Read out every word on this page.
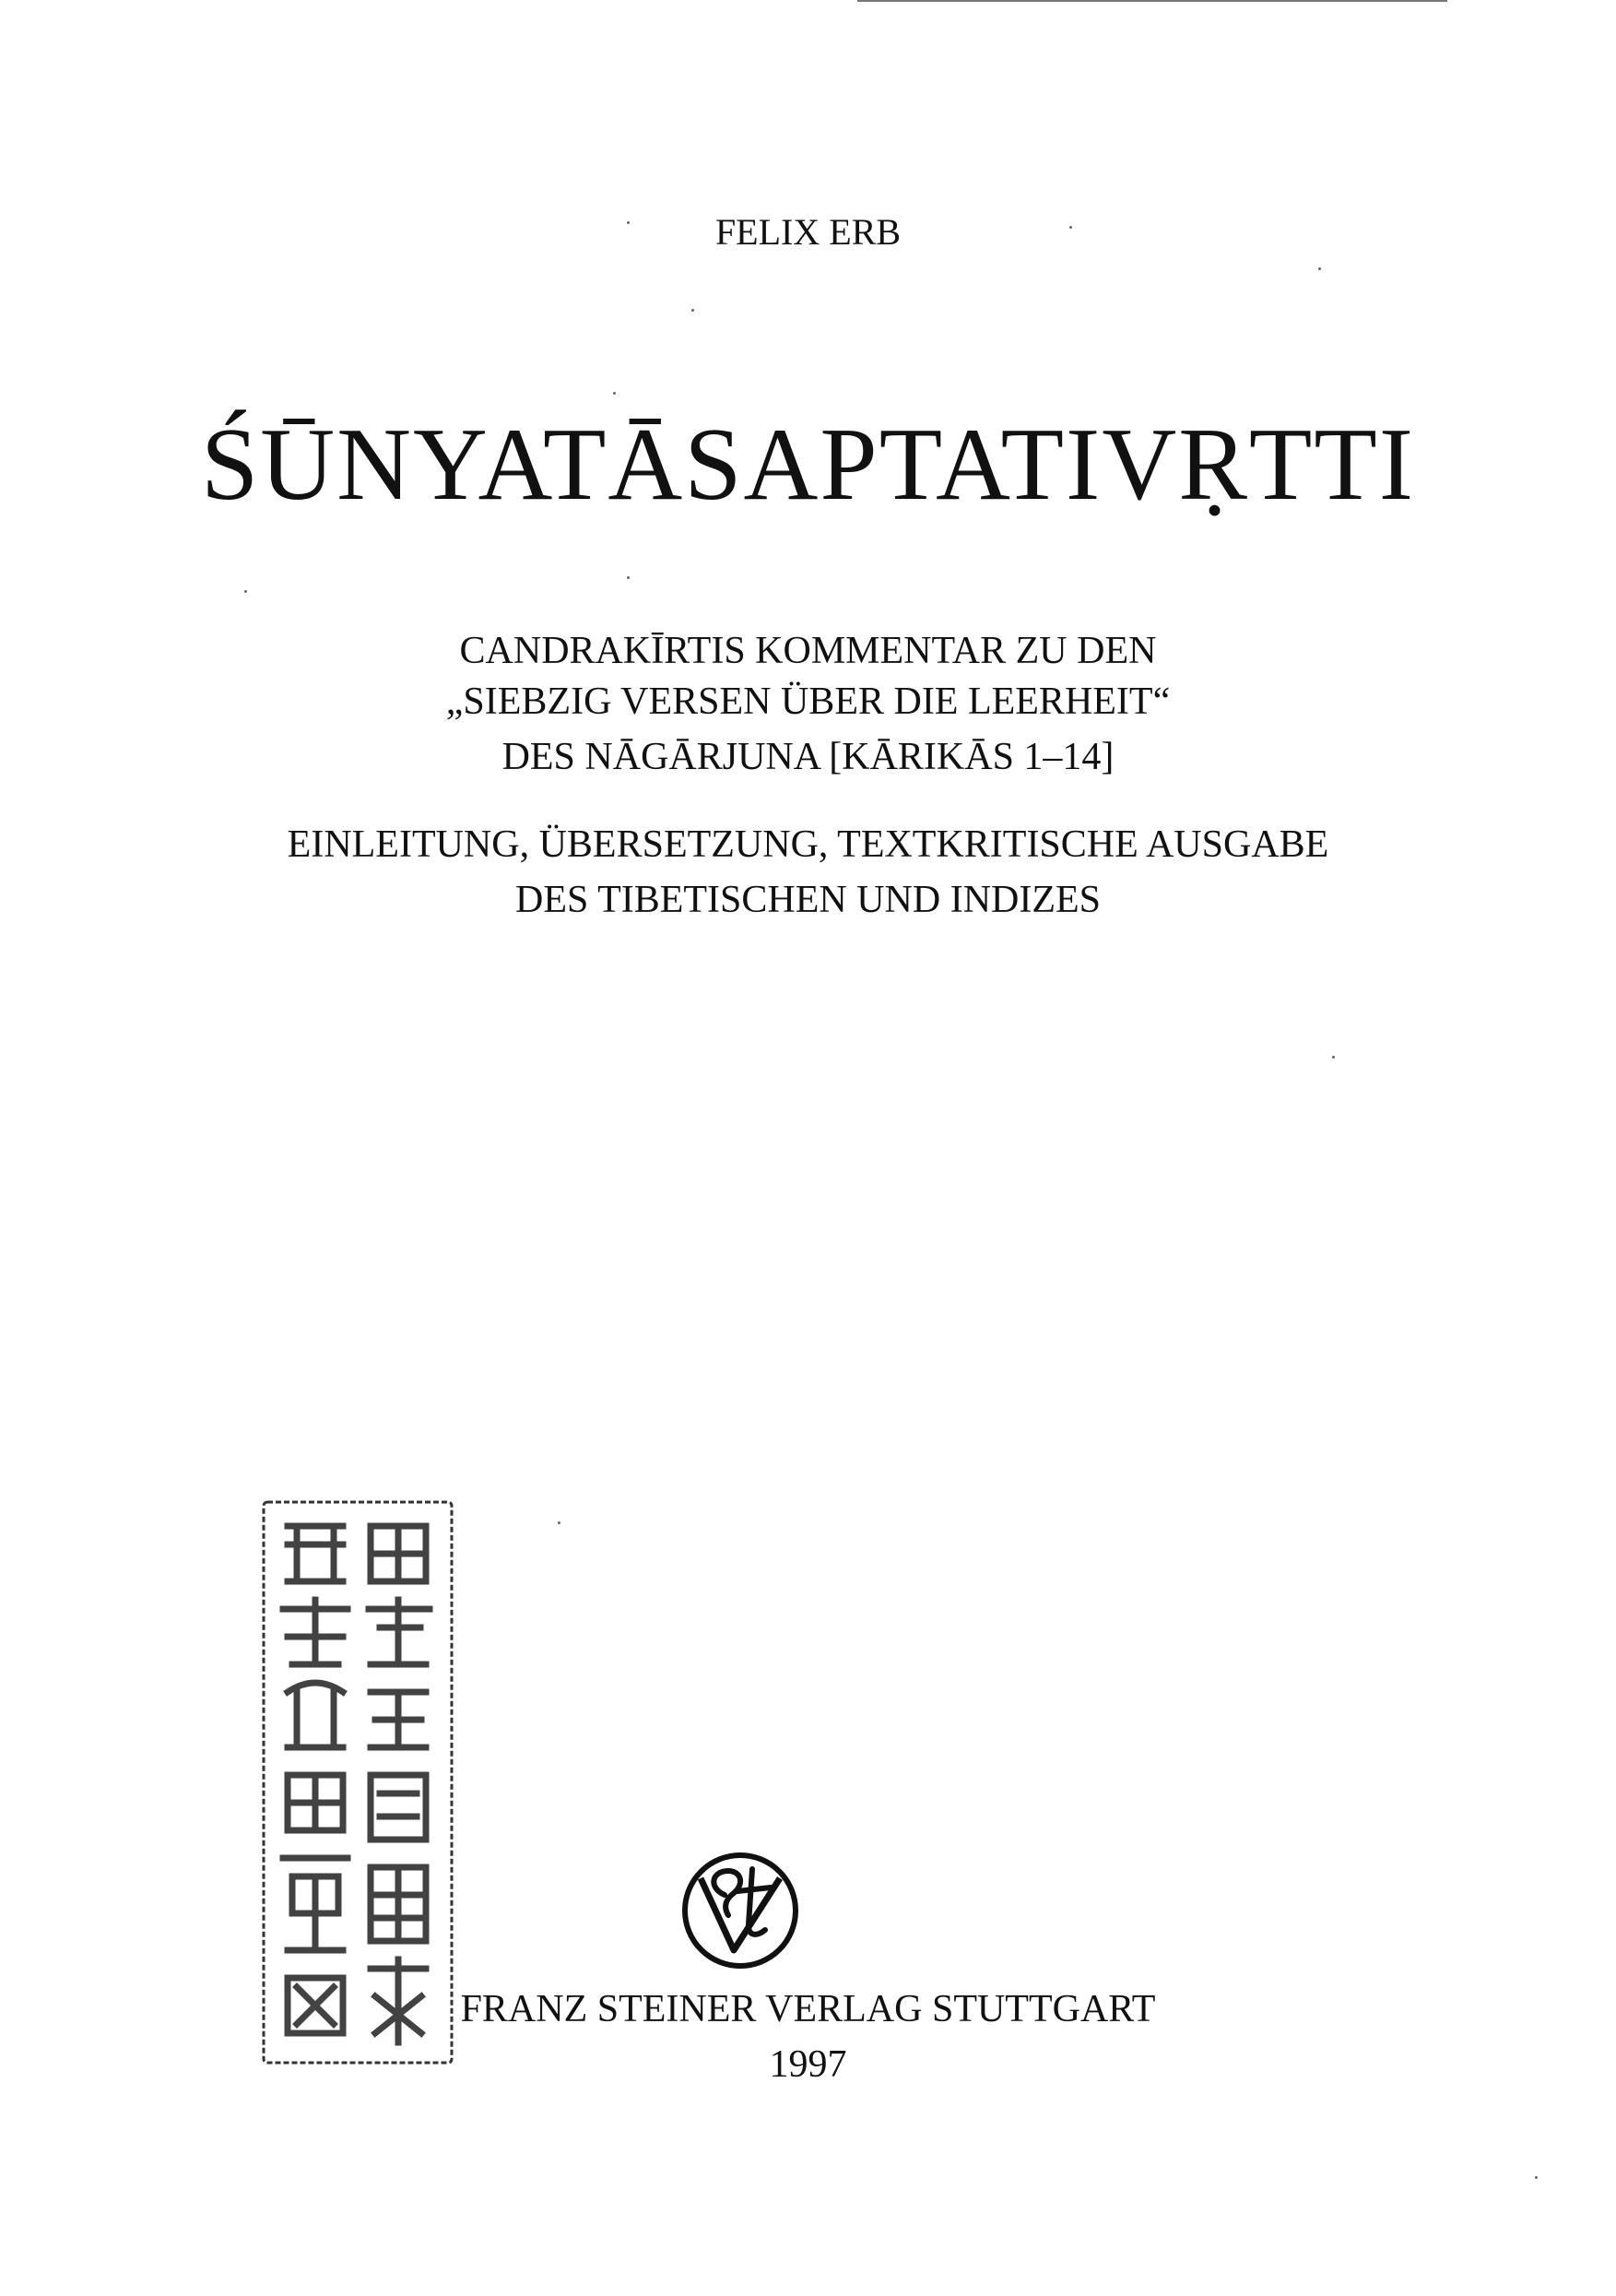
FELIX ERB
ŚŪNYATĀSAPTATIVṚTTI
CANDRAKĪRTIS KOMMENTAR ZU DEN
„SIEBZIG VERSEN ÜBER DIE LEERHEIT“
DES NĀGĀRJUNA [KĀRIKĀS 1–14]
EINLEITUNG, ÜBERSETZUNG, TEXTKRITISCHE AUSGABE
DES TIBETISCHEN UND INDIZES
FRANZ STEINER VERLAG STUTTGART
1997
